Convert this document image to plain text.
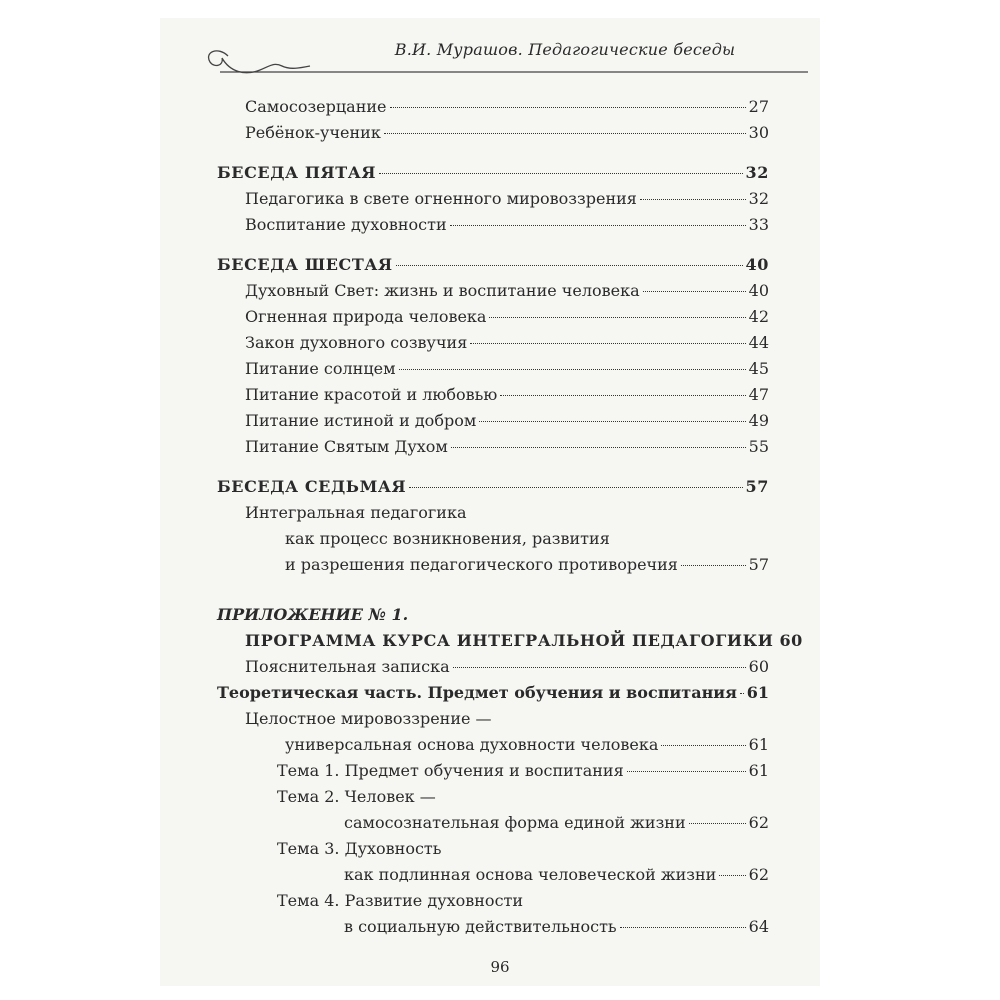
В.И. Мурашов. Педагогические беседы
Самосозерцание	27
Ребёнок-ученик	30
БЕСЕДА ПЯТАЯ	32
Педагогика в свете огненного мировоззрения	32
Воспитание духовности	33
БЕСЕДА ШЕСТАЯ	40
Духовный Свет: жизнь и воспитание человека	40
Огненная природа человека	42
Закон духовного созвучия	44
Питание солнцем	45
Питание красотой и любовью	47
Питание истиной и добром	49
Питание Святым Духом	55
БЕСЕДА СЕДЬМАЯ	57
Интегральная педагогика
как процесс возникновения, развития
и разрешения педагогического противоречия	57
ПРИЛОЖЕНИЕ № 1.
ПРОГРАММА КУРСА ИНТЕГРАЛЬНОЙ ПЕДАГОГИКИ 60
Пояснительная записка	60
Теоретическая часть. Предмет обучения и воспитания 61
Целостное мировоззрение —
универсальная основа духовности человека	61
Тема 1. Предмет обучения и воспитания	61
Тема 2. Человек —
самосознательная форма единой жизни	62
Тема 3. Духовность
как подлинная основа человеческой жизни 62
Тема 4. Развитие духовности
в социальную действительность	64
96
